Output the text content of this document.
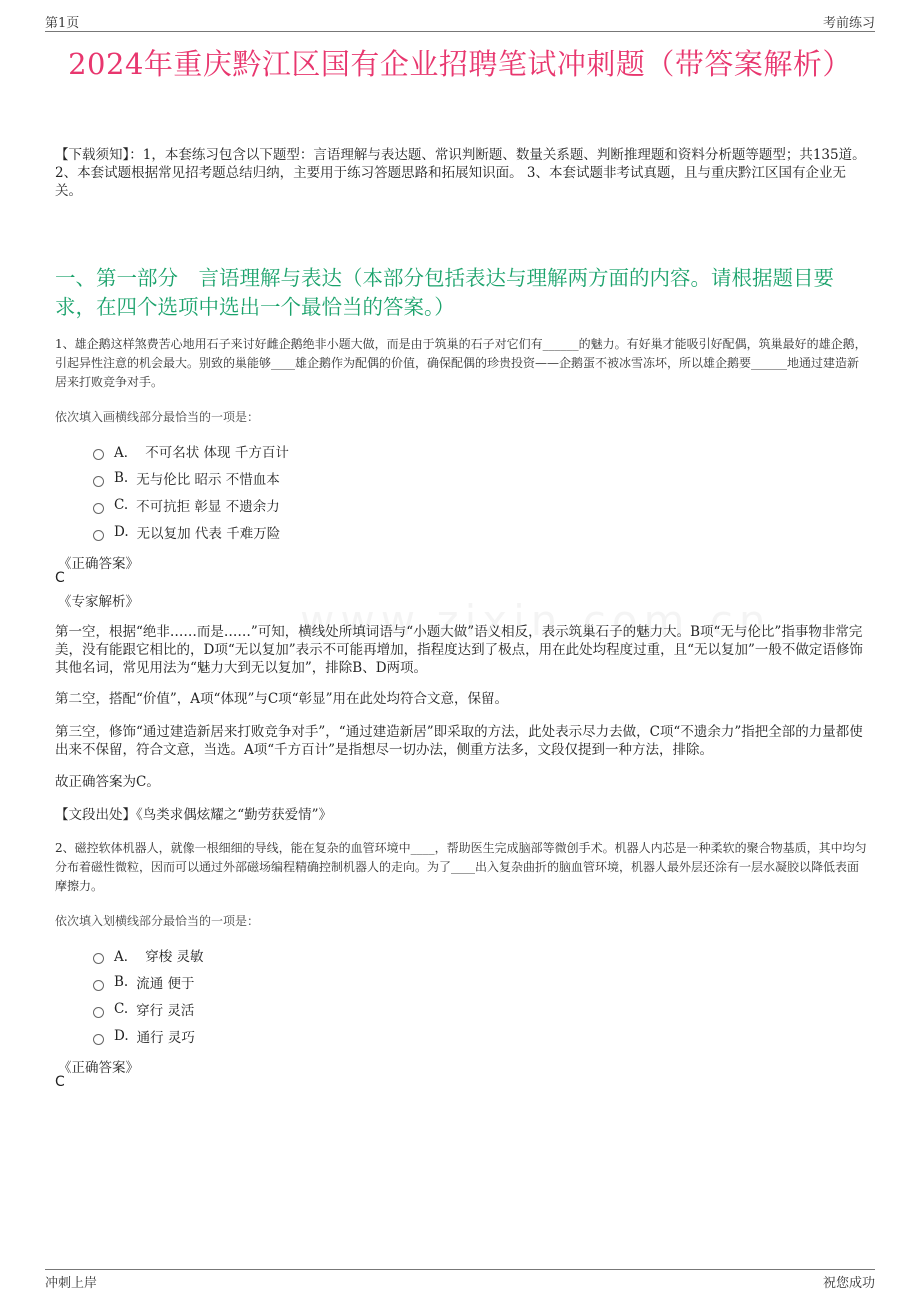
第1页	考前练习
2024年重庆黔江区国有企业招聘笔试冲刺题（带答案解析）
【下载须知】：1，本套练习包含以下题型：言语理解与表达题、常识判断题、数量关系题、判断推理题和资料分析题等题型；共135道。 2、本套试题根据常见招考题总结归纳，主要用于练习答题思路和拓展知识面。 3、本套试题非考试真题，且与重庆黔江区国有企业无关。
一、第一部分　言语理解与表达（本部分包括表达与理解两方面的内容。请根据题目要求，在四个选项中选出一个最恰当的答案。）
1、雄企鹅这样煞费苦心地用石子来讨好雌企鹅绝非小题大做，而是由于筑巢的石子对它们有______的魅力。有好巢才能吸引好配偶，筑巢最好的雄企鹅，引起异性注意的机会最大。别致的巢能够____雄企鹅作为配偶的价值，确保配偶的珍贵投资——企鹅蛋不被冰雪冻坏，所以雄企鹅要______地通过建造新居来打败竞争对手。
依次填入画横线部分最恰当的一项是：
A． 不可名状 体现 千方百计
B. 无与伦比 昭示 不惜血本
C. 不可抗拒 彰显 不遗余力
D. 无以复加 代表 千难万险
《正确答案》
C
《专家解析》
第一空，根据“绝非……而是……”可知，横线处所填词语与“小题大做”语义相反，表示筑巢石子的魅力大。B项“无与伦比”指事物非常完美，没有能跟它相比的，D项“无以复加”表示不可能再增加，指程度达到了极点，用在此处均程度过重，且“无以复加”一般不做定语修饰其他名词，常见用法为“魅力大到无以复加”，排除B、D两项。
第二空，搭配“价值”，A项“体现”与C项“彰显”用在此处均符合文意，保留。
第三空，修饰“通过建造新居来打败竞争对手”，“通过建造新居”即采取的方法，此处表示尽力去做，C项“不遗余力”指把全部的力量都使出来不保留，符合文意，当选。A项“千方百计”是指想尽一切办法，侧重方法多，文段仅提到一种方法，排除。
故正确答案为C。
【文段出处】《鸟类求偶炫耀之“勤劳获爱情”》
2、磁控软体机器人，就像一根细细的导线，能在复杂的血管环境中____，帮助医生完成脑部等微创手术。机器人内芯是一种柔软的聚合物基质，其中均匀分布着磁性微粒，因而可以通过外部磁场编程精确控制机器人的走向。为了____出入复杂曲折的脑血管环境，机器人最外层还涂有一层水凝胶以降低表面摩擦力。
依次填入划横线部分最恰当的一项是：
A． 穿梭 灵敏
B. 流通 便于
C. 穿行 灵活
D. 通行 灵巧
《正确答案》
C
冲刺上岸	祝您成功
